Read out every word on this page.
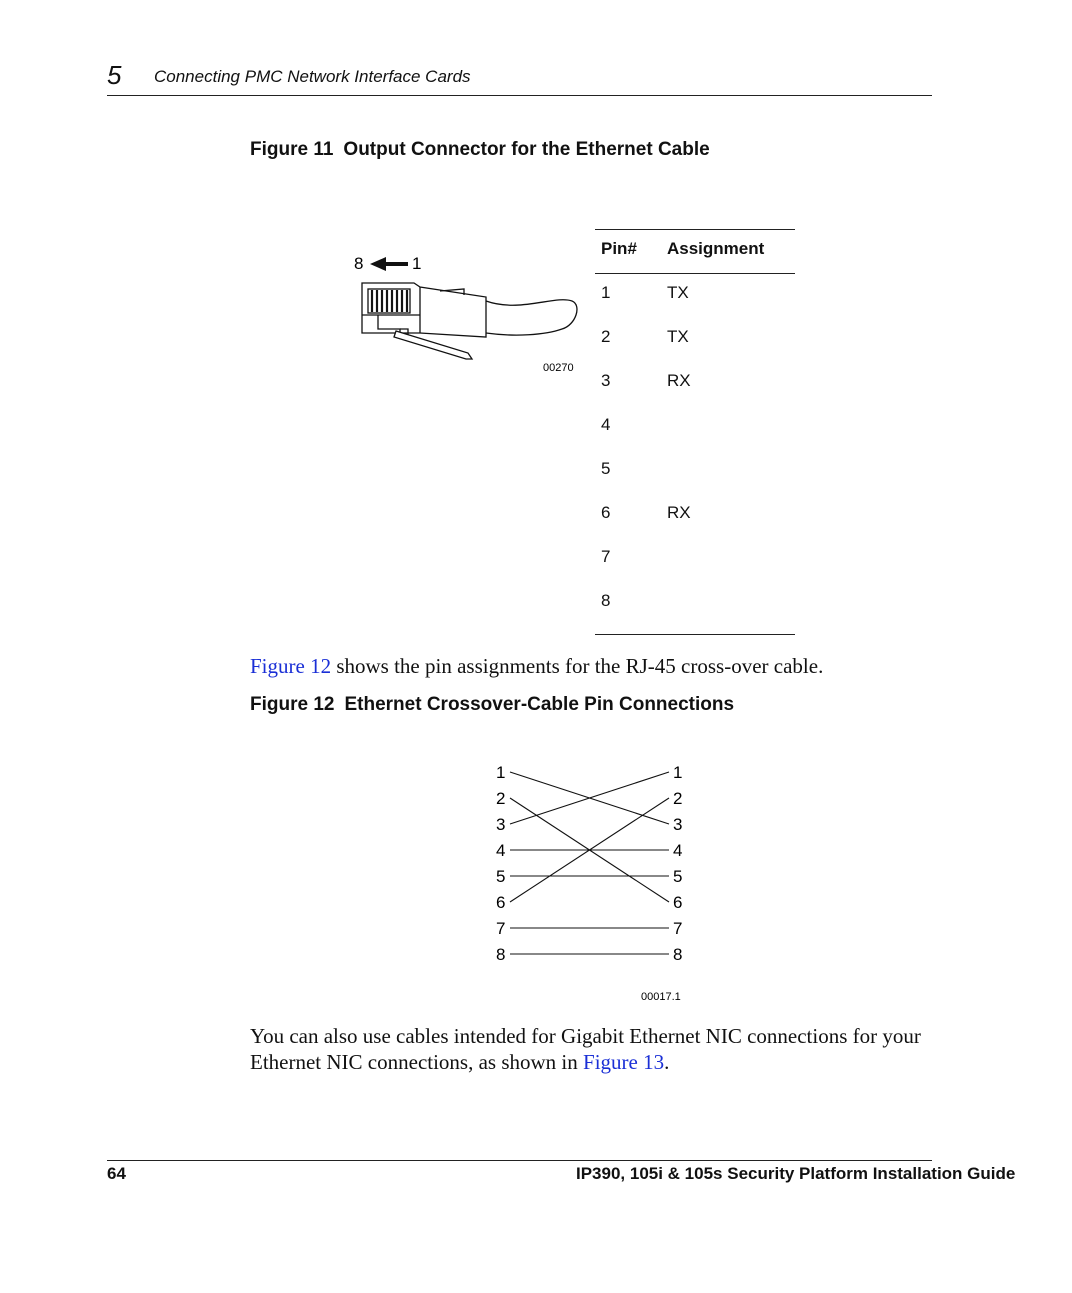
5 Connecting PMC Network Interface Cards
Figure 11 Output Connector for the Ethernet Cable
8	1
00270
Pin# Assignment
1	TX
2	TX
3	RX
4
5
6	RX
7
8
Figure 12 shows the pin assignments for the RJ-45 cross-over cable.
Figure 12 Ethernet Crossover-Cable Pin Connections
1
2
3
4
5
6
7
8
1
2
3
4
5
6
7
8
00017.1
You can also use cables intended for Gigabit Ethernet NIC connections for your Ethernet NIC connections, as shown in Figure 13.
64	IP390, 105i & 105s Security Platform Installation Guide
